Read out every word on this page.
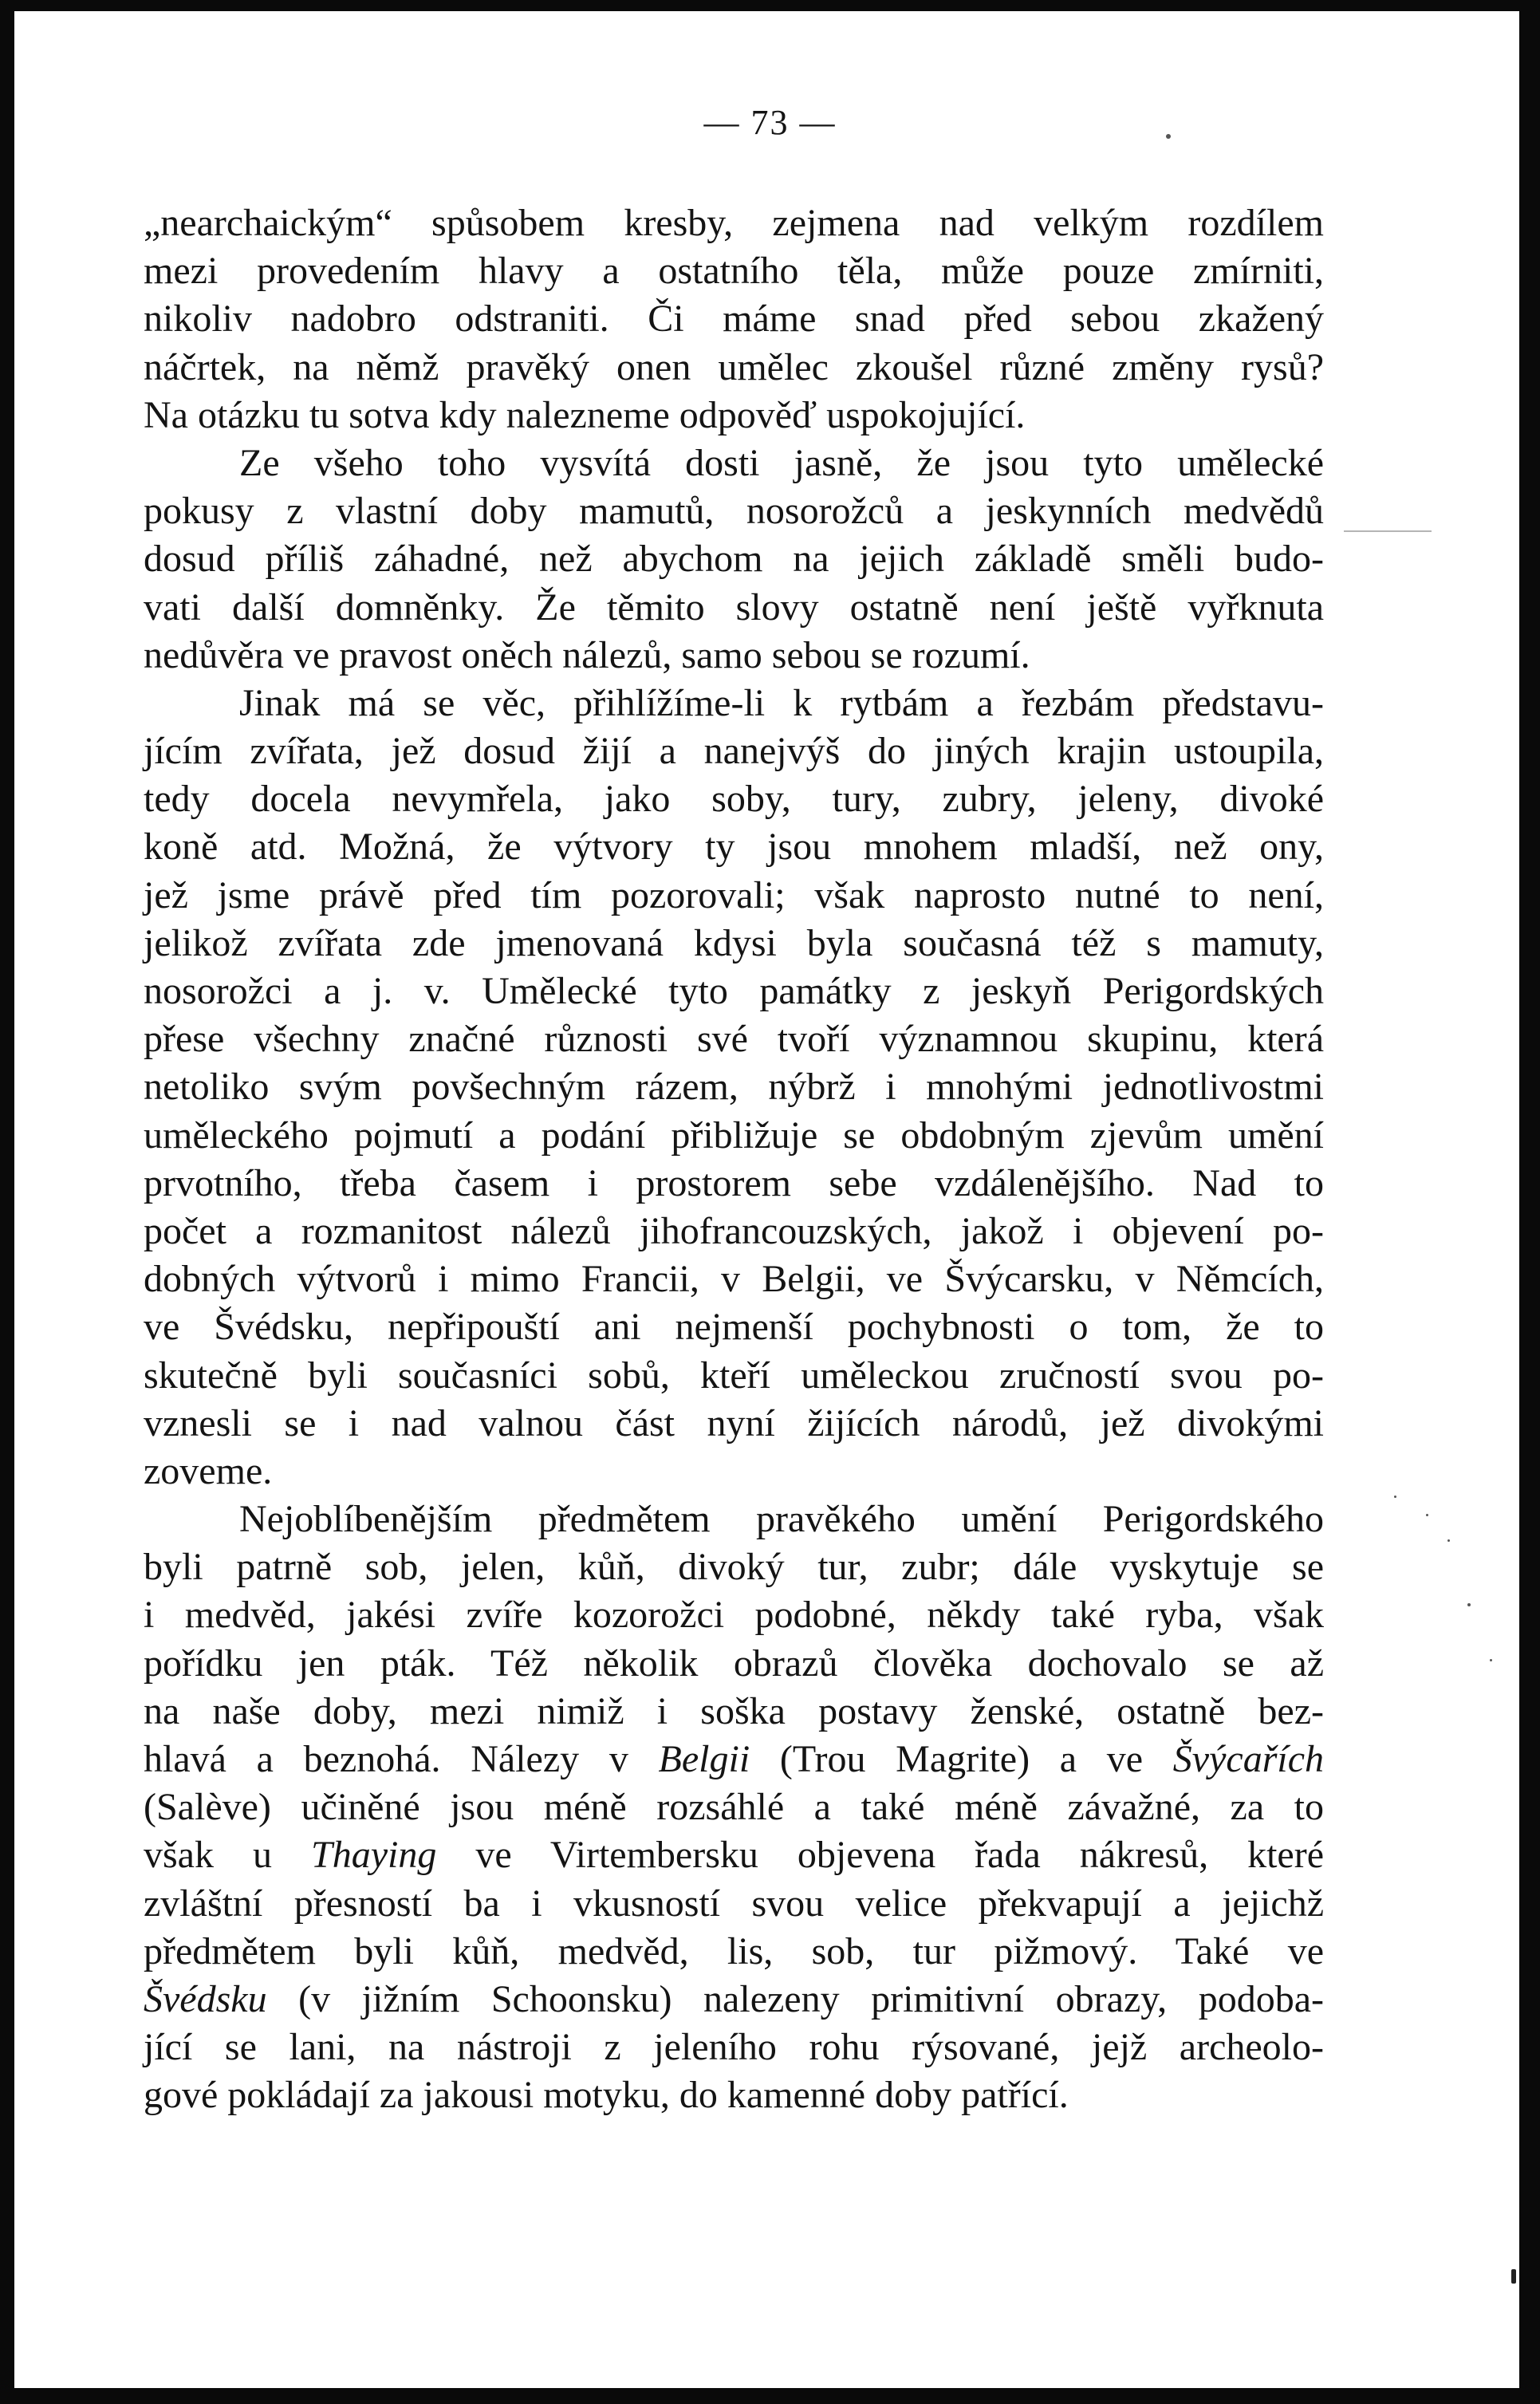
— 73 —
„nearchaickým“ spůsobem kresby, zejmena nad velkým rozdílem
mezi provedením hlavy a ostatního těla, může pouze zmírniti,
nikoliv nadobro odstraniti. Či máme snad před sebou zkažený
náčrtek, na němž pravěký onen umělec zkoušel různé změny rysů?
Na otázku tu sotva kdy nalezneme odpověď uspokojující.
Ze všeho toho vysvítá dosti jasně, že jsou tyto umělecké
pokusy z vlastní doby mamutů, nosorožců a jeskynních medvědů
dosud příliš záhadné, než abychom na jejich základě směli budo-
vati další domněnky. Že těmito slovy ostatně není ještě vyřknuta
nedůvěra ve pravost oněch nálezů, samo sebou se rozumí.
Jinak má se věc, přihlížíme-li k rytbám a řezbám představu-
jícím zvířata, jež dosud žijí a nanejvýš do jiných krajin ustoupila,
tedy docela nevymřela, jako soby, tury, zubry, jeleny, divoké
koně atd. Možná, že výtvory ty jsou mnohem mladší, než ony,
jež jsme právě před tím pozorovali; však naprosto nutné to není,
jelikož zvířata zde jmenovaná kdysi byla současná též s mamuty,
nosorožci a j. v. Umělecké tyto památky z jeskyň Perigordských
přese všechny značné různosti své tvoří významnou skupinu, která
netoliko svým povšechným rázem, nýbrž i mnohými jednotlivostmi
uměleckého pojmutí a podání přibližuje se obdobným zjevům umění
prvotního, třeba časem i prostorem sebe vzdálenějšího. Nad to
počet a rozmanitost nálezů jihofrancouzských, jakož i objevení po-
dobných výtvorů i mimo Francii, v Belgii, ve Švýcarsku, v Němcích,
ve Švédsku, nepřipouští ani nejmenší pochybnosti o tom, že to
skutečně byli současníci sobů, kteří uměleckou zručností svou po-
vznesli se i nad valnou část nyní žijících národů, jež divokými
zoveme.
Nejoblíbenějším předmětem pravěkého umění Perigordského
byli patrně sob, jelen, kůň, divoký tur, zubr; dále vyskytuje se
i medvěd, jakési zvíře kozorožci podobné, někdy také ryba, však
pořídku jen pták. Též několik obrazů člověka dochovalo se až
na naše doby, mezi nimiž i soška postavy ženské, ostatně bez-
hlavá a beznohá. Nálezy v Belgii (Trou Magrite) a ve Švýcařích
(Salève) učiněné jsou méně rozsáhlé a také méně závažné, za to
však u Thaying ve Virtembersku objevena řada nákresů, které
zvláštní přesností ba i vkusností svou velice překvapují a jejichž
předmětem byli kůň, medvěd, lis, sob, tur pižmový. Také ve
Švédsku (v jižním Schoonsku) nalezeny primitivní obrazy, podoba-
jící se lani, na nástroji z jeleního rohu rýsované, jejž archeolo-
gové pokládají za jakousi motyku, do kamenné doby patřící.
